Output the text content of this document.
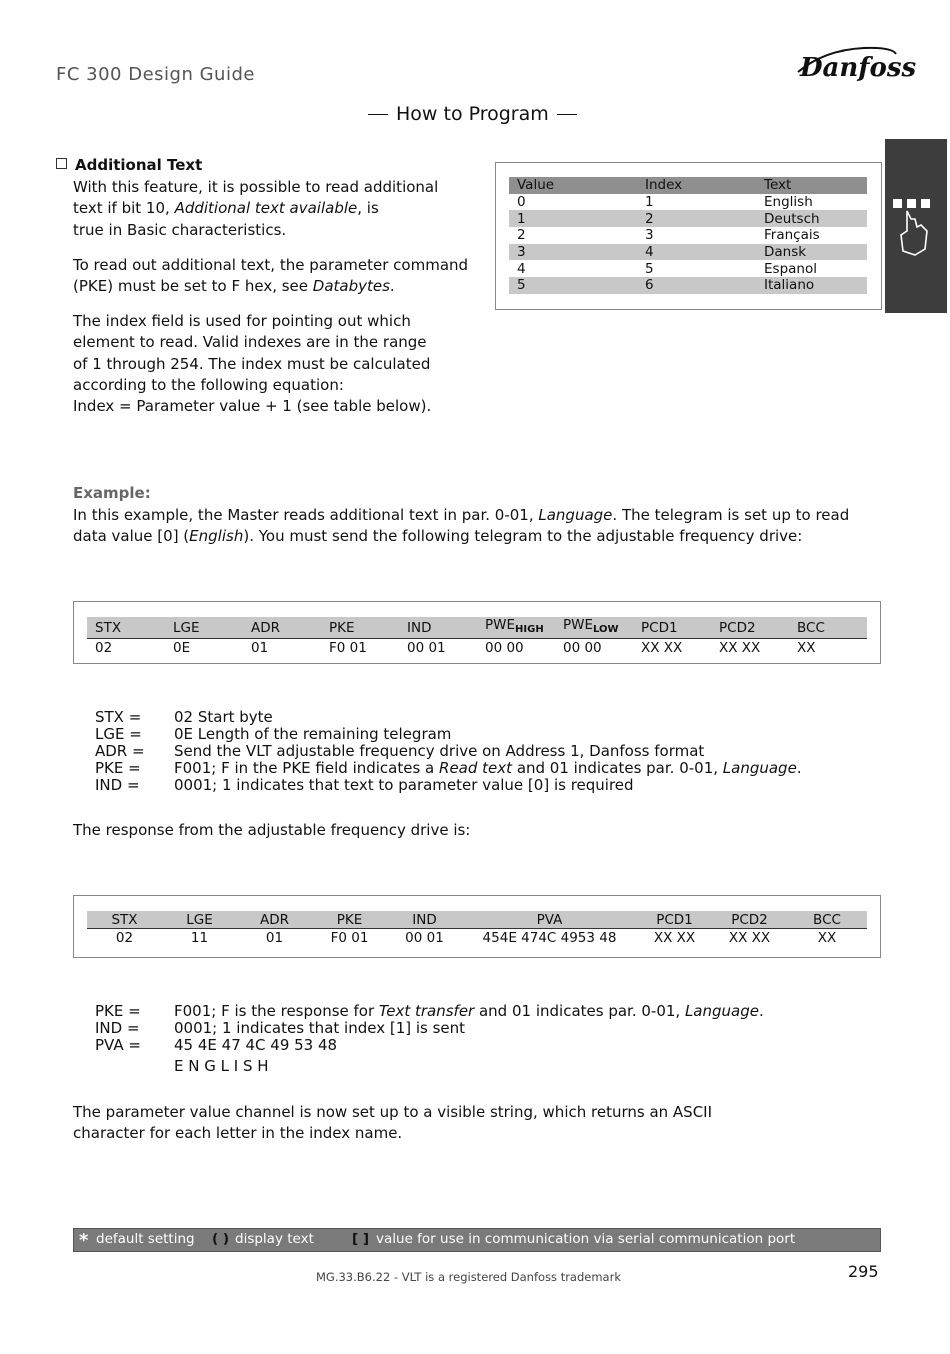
FC 300 Design Guide	Danfoss
How to Program
Additional Text
With this feature, it is possible to read additional
text if bit 10, Additional text available, is
true in Basic characteristics.
To read out additional text, the parameter command
(PKE) must be set to F hex, see Databytes.
The index field is used for pointing out which
element to read. Valid indexes are in the range
of 1 through 254. The index must be calculated
according to the following equation:
Index = Parameter value + 1 (see table below).
Value	Index	Text
0	1	English
1	2	Deutsch
2	3	Français
3	4	Dansk
4	5	Espanol
5	6	Italiano
Example:
In this example, the Master reads additional text in par. 0-01, Language. The telegram is set up to read
data value [0] (English). You must send the following telegram to the adjustable frequency drive:
STX	LGE	ADR	PKE	IND	$PWE_{HIGH}$	$PWE_{LOW}$	PCD1	PCD2	BCC
02	0E	01	F0 01	00 01	00 00	00 00	XX XX	XX XX	XX
STX =	02 Start byte
LGE =	0E Length of the remaining telegram
ADR =	Send the VLT adjustable frequency drive on Address 1, Danfoss format
PKE =	F001; F in the PKE field indicates a Read text and 01 indicates par. 0-01, Language.
IND =	0001; 1 indicates that text to parameter value [0] is required
The response from the adjustable frequency drive is:
STX	LGE	ADR	PKE	IND	PVA	PCD1	PCD2	BCC
02	11	01	F0 01	00 01	454E 474C 4953 48	XX XX	XX XX	XX
PKE =	F001; F is the response for Text transfer and 01 indicates par. 0-01, Language.
IND =	0001; 1 indicates that index [1] is sent
PVA =	45 4E 47 4C 49 53 48
E N G L I S H
The parameter value channel is now set up to a visible string, which returns an ASCII
character for each letter in the index name.
* default setting ( ) display text	[ ] value for use in communication via serial communication port
MG.33.B6.22 - VLT is a registered Danfoss trademark	295
